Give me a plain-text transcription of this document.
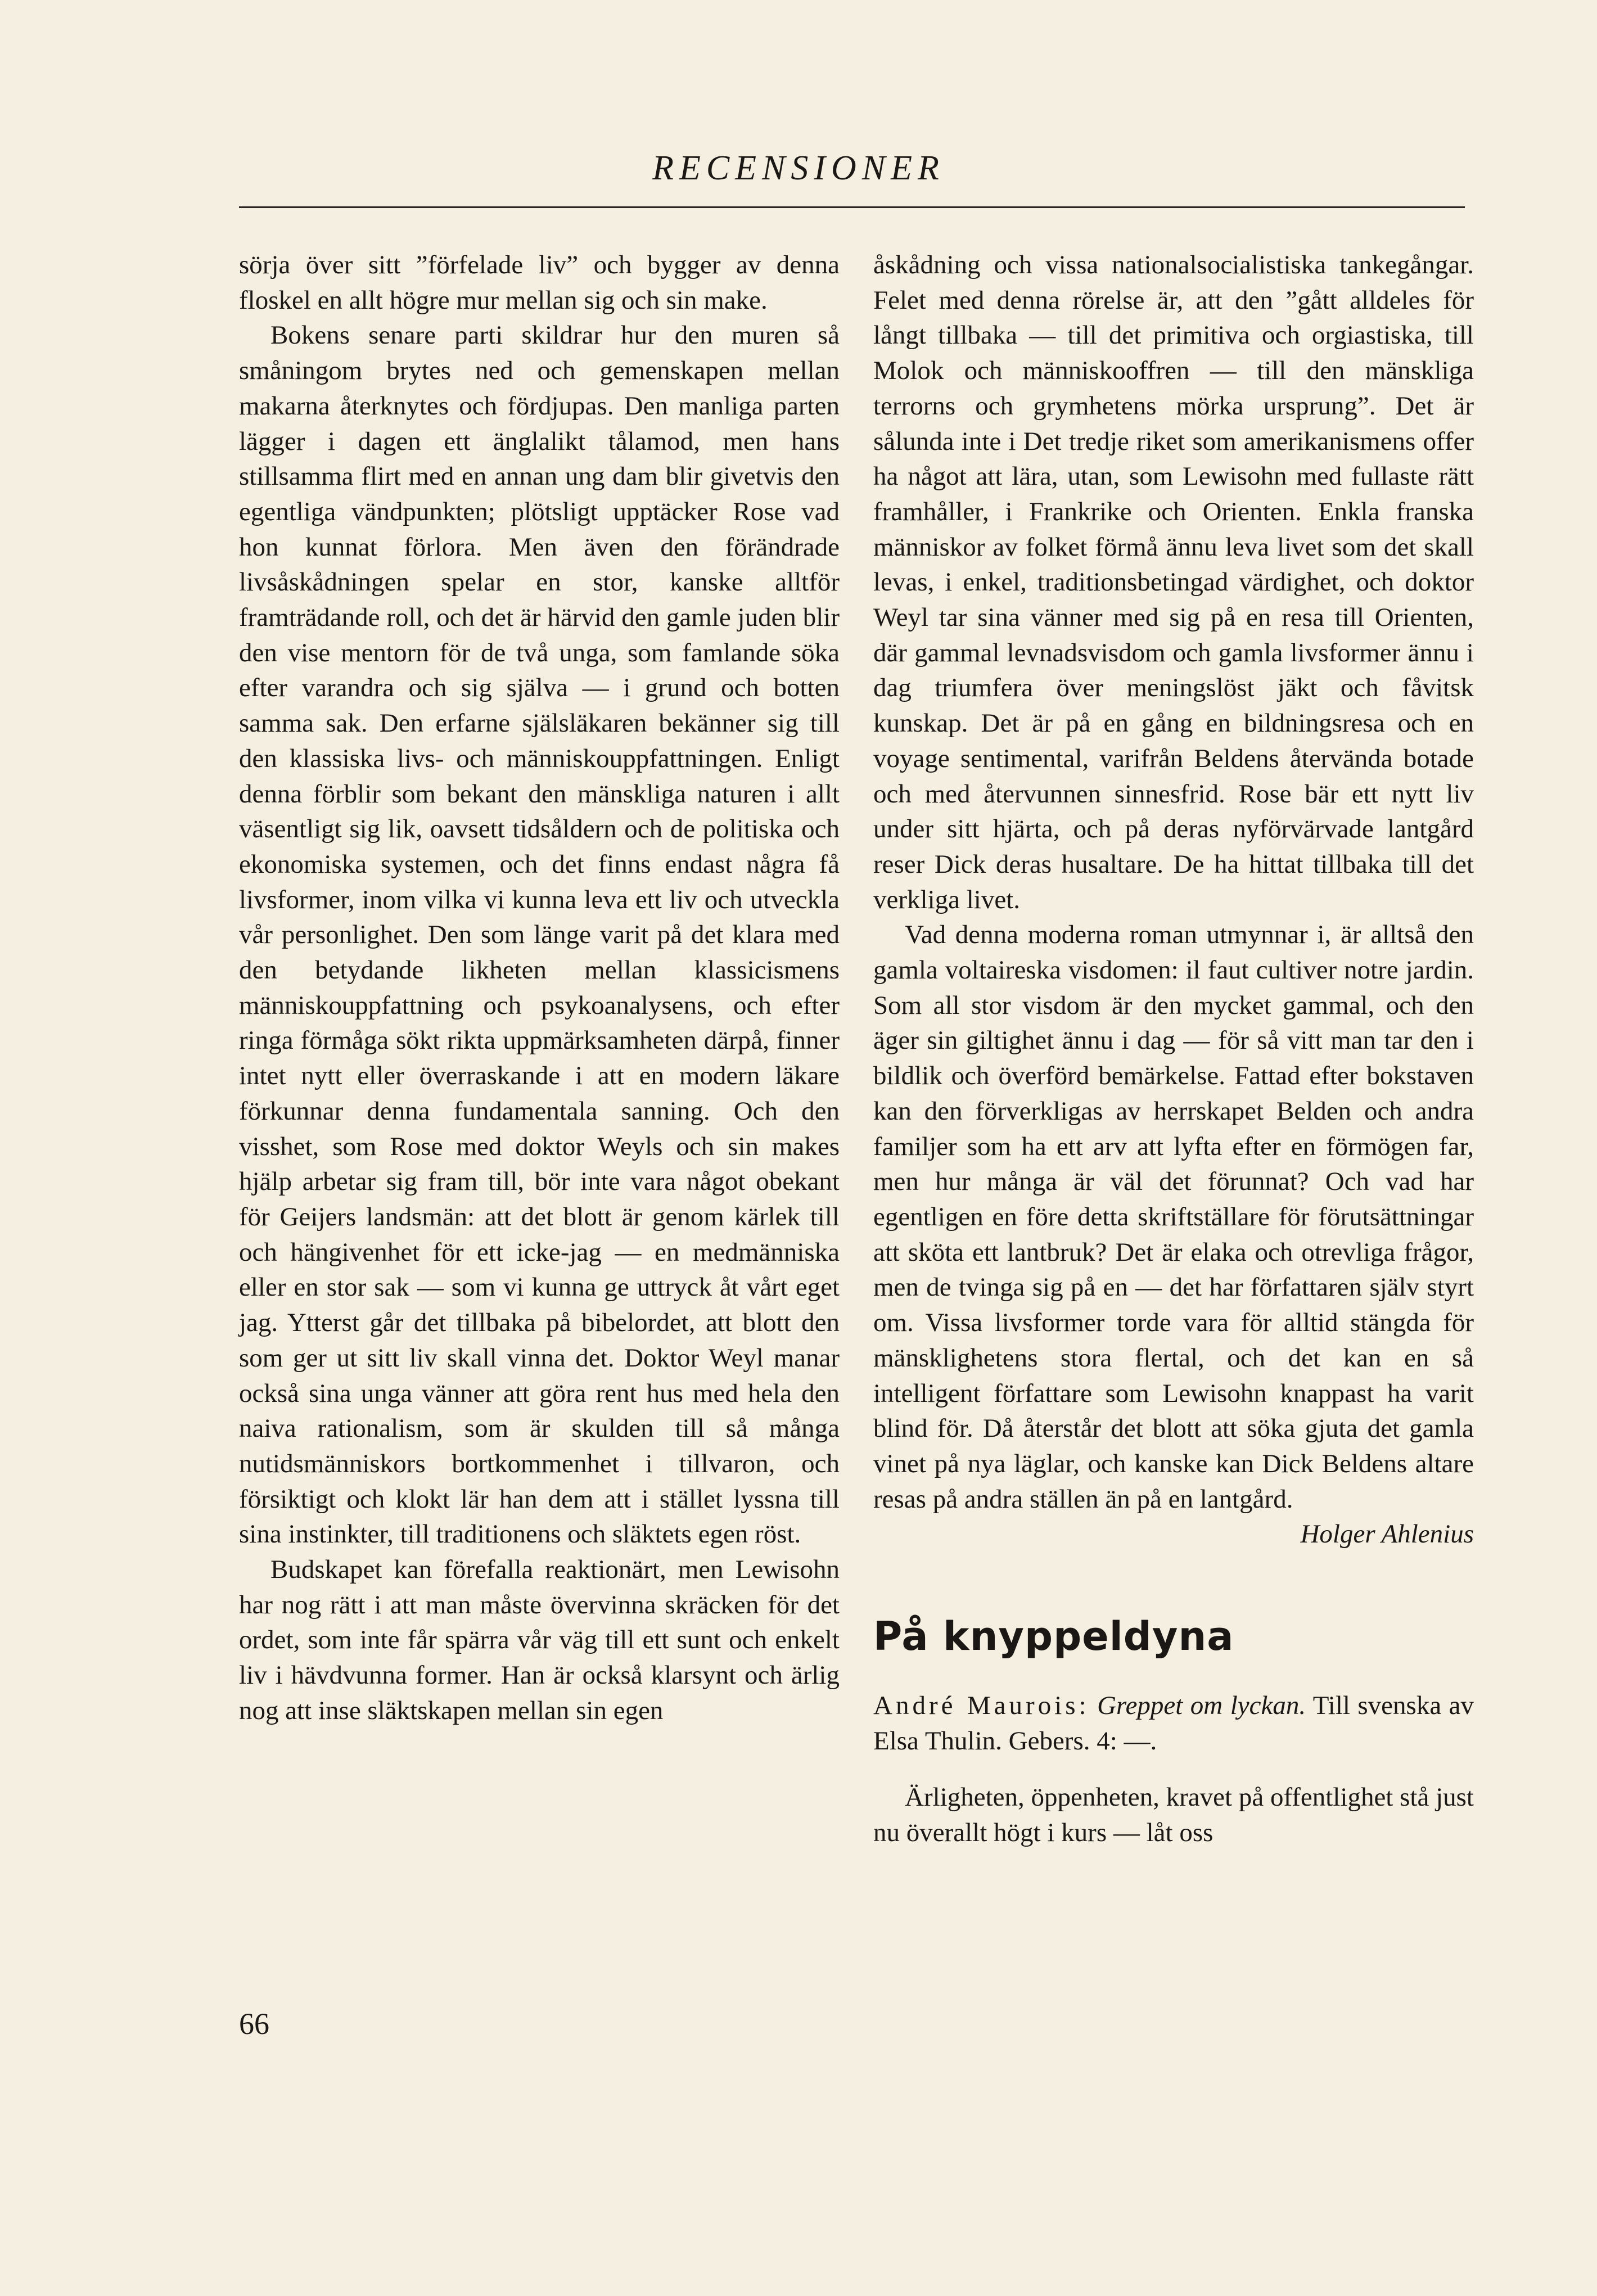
RECENSIONER

sörja över sitt ”förfelade liv” och bygger av denna floskel en allt högre mur mellan sig och sin make.

Bokens senare parti skildrar hur den muren så småningom brytes ned och gemenskapen mellan makarna återknytes och fördjupas. Den manliga parten lägger i dagen ett änglalikt tålamod, men hans stillsamma flirt med en annan ung dam blir givetvis den egentliga vändpunkten; plötsligt upptäcker Rose vad hon kunnat förlora. Men även den förändrade livsåskådningen spelar en stor, kanske alltför framträdande roll, och det är härvid den gamle juden blir den vise mentorn för de två unga, som famlande söka efter varandra och sig själva — i grund och botten samma sak. Den erfarne själsläkaren bekänner sig till den klassiska livs- och människouppfattningen. Enligt denna förblir som bekant den mänskliga naturen i allt väsentligt sig lik, oavsett tidsåldern och de politiska och ekonomiska systemen, och det finns endast några få livsformer, inom vilka vi kunna leva ett liv och utveckla vår personlighet. Den som länge varit på det klara med den betydande likheten mellan klassicismens människouppfattning och psykoanalysens, och efter ringa förmåga sökt rikta uppmärksamheten därpå, finner intet nytt eller överraskande i att en modern läkare förkunnar denna fundamentala sanning. Och den visshet, som Rose med doktor Weyls och sin makes hjälp arbetar sig fram till, bör inte vara något obekant för Geijers landsmän: att det blott är genom kärlek till och hängivenhet för ett icke-jag — en medmänniska eller en stor sak — som vi kunna ge uttryck åt vårt eget jag. Ytterst går det tillbaka på bibelordet, att blott den som ger ut sitt liv skall vinna det. Doktor Weyl manar också sina unga vänner att göra rent hus med hela den naiva rationalism, som är skulden till så många nutidsmänniskors bortkommenhet i tillvaron, och försiktigt och klokt lär han dem att i stället lyssna till sina instinkter, till traditionens och släktets egen röst.

Budskapet kan förefalla reaktionärt, men Lewisohn har nog rätt i att man måste övervinna skräcken för det ordet, som inte får spärra vår väg till ett sunt och enkelt liv i hävdvunna former. Han är också klarsynt och ärlig nog att inse släktskapen mellan sin egen

åskådning och vissa nationalsocialistiska tankegångar. Felet med denna rörelse är, att den ”gått alldeles för långt tillbaka — till det primitiva och orgiastiska, till Molok och människooffren — till den mänskliga terrorns och grymhetens mörka ursprung”. Det är sålunda inte i Det tredje riket som amerikanismens offer ha något att lära, utan, som Lewisohn med fullaste rätt framhåller, i Frankrike och Orienten. Enkla franska människor av folket förmå ännu leva livet som det skall levas, i enkel, traditionsbetingad värdighet, och doktor Weyl tar sina vänner med sig på en resa till Orienten, där gammal levnadsvisdom och gamla livsformer ännu i dag triumfera över meningslöst jäkt och fåvitsk kunskap. Det är på en gång en bildningsresa och en voyage sentimental, varifrån Beldens återvända botade och med återvunnen sinnesfrid. Rose bär ett nytt liv under sitt hjärta, och på deras nyförvärvade lantgård reser Dick deras husaltare. De ha hittat tillbaka till det verkliga livet.

Vad denna moderna roman utmynnar i, är alltså den gamla voltaireska visdomen: il faut cultiver notre jardin. Som all stor visdom är den mycket gammal, och den äger sin giltighet ännu i dag — för så vitt man tar den i bildlik och överförd bemärkelse. Fattad efter bokstaven kan den förverkligas av herrskapet Belden och andra familjer som ha ett arv att lyfta efter en förmögen far, men hur många är väl det förunnat? Och vad har egentligen en före detta skriftställare för förutsättningar att sköta ett lantbruk? Det är elaka och otrevliga frågor, men de tvinga sig på en — det har författaren själv styrt om. Vissa livsformer torde vara för alltid stängda för mänsklighetens stora flertal, och det kan en så intelligent författare som Lewisohn knappast ha varit blind för. Då återstår det blott att söka gjuta det gamla vinet på nya läglar, och kanske kan Dick Beldens altare resas på andra ställen än på en lantgård.
Holger Ahlenius

På knyppeldyna

André Maurois: Greppet om lyckan. Till svenska av Elsa Thulin. Gebers. 4: —.

Ärligheten, öppenheten, kravet på offentlighet stå just nu överallt högt i kurs — låt oss

66
